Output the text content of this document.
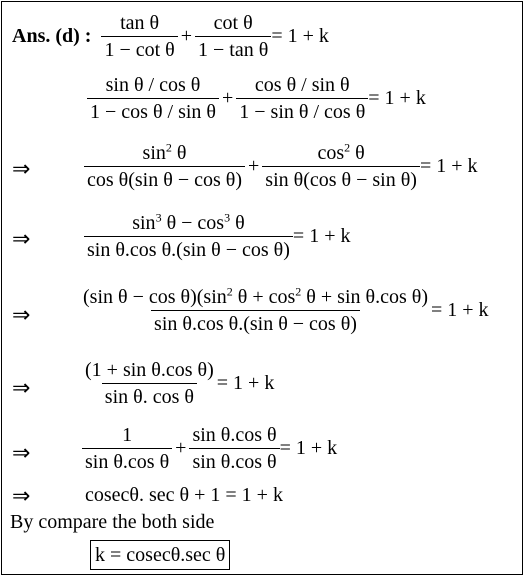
Ans. (d) : $\frac{\text{tan θ}}{\text{1 − cot θ}} + \frac{\text{cot θ}}{\text{1 − tan θ}} = 1 + k$
$\frac{\text{sin θ / cos θ}}{\text{1 − cos θ / sin θ}} + \frac{\text{cos θ / sin θ}}{\text{1 − sin θ / cos θ}} = 1 + k$
⇒	$\frac{\sin^2 \theta}{\text{cos θ(sin θ − cos θ)}} + \frac{\cos^2 \theta}{\text{sin θ(cos θ − sin θ)}} = 1 + k$
⇒	$\frac{\sin^3 \theta - \cos^3 \theta}{\text{sin θ.cos θ.(sin θ − cos θ)}} = 1 + k$
⇒ $\frac{(\sin \theta - \cos \theta)(\sin^2 \theta + \cos^2 \theta + \sin \theta.\cos \theta)}{\text{sin θ.cos θ.(sin θ − cos θ)}} = 1 + k$
⇒	$\frac{\text{(1 + sin θ.cos θ)}}{\text{sin θ. cos θ}} = 1 + k$
⇒	$\frac{1}{\text{sin θ.cos θ}} + \frac{\text{sin θ.cos θ}}{\text{sin θ.cos θ}} = 1 + k$
⇒	cosecθ. sec θ + 1 = 1 + k
By compare the both side
k = cosecθ.sec θ
